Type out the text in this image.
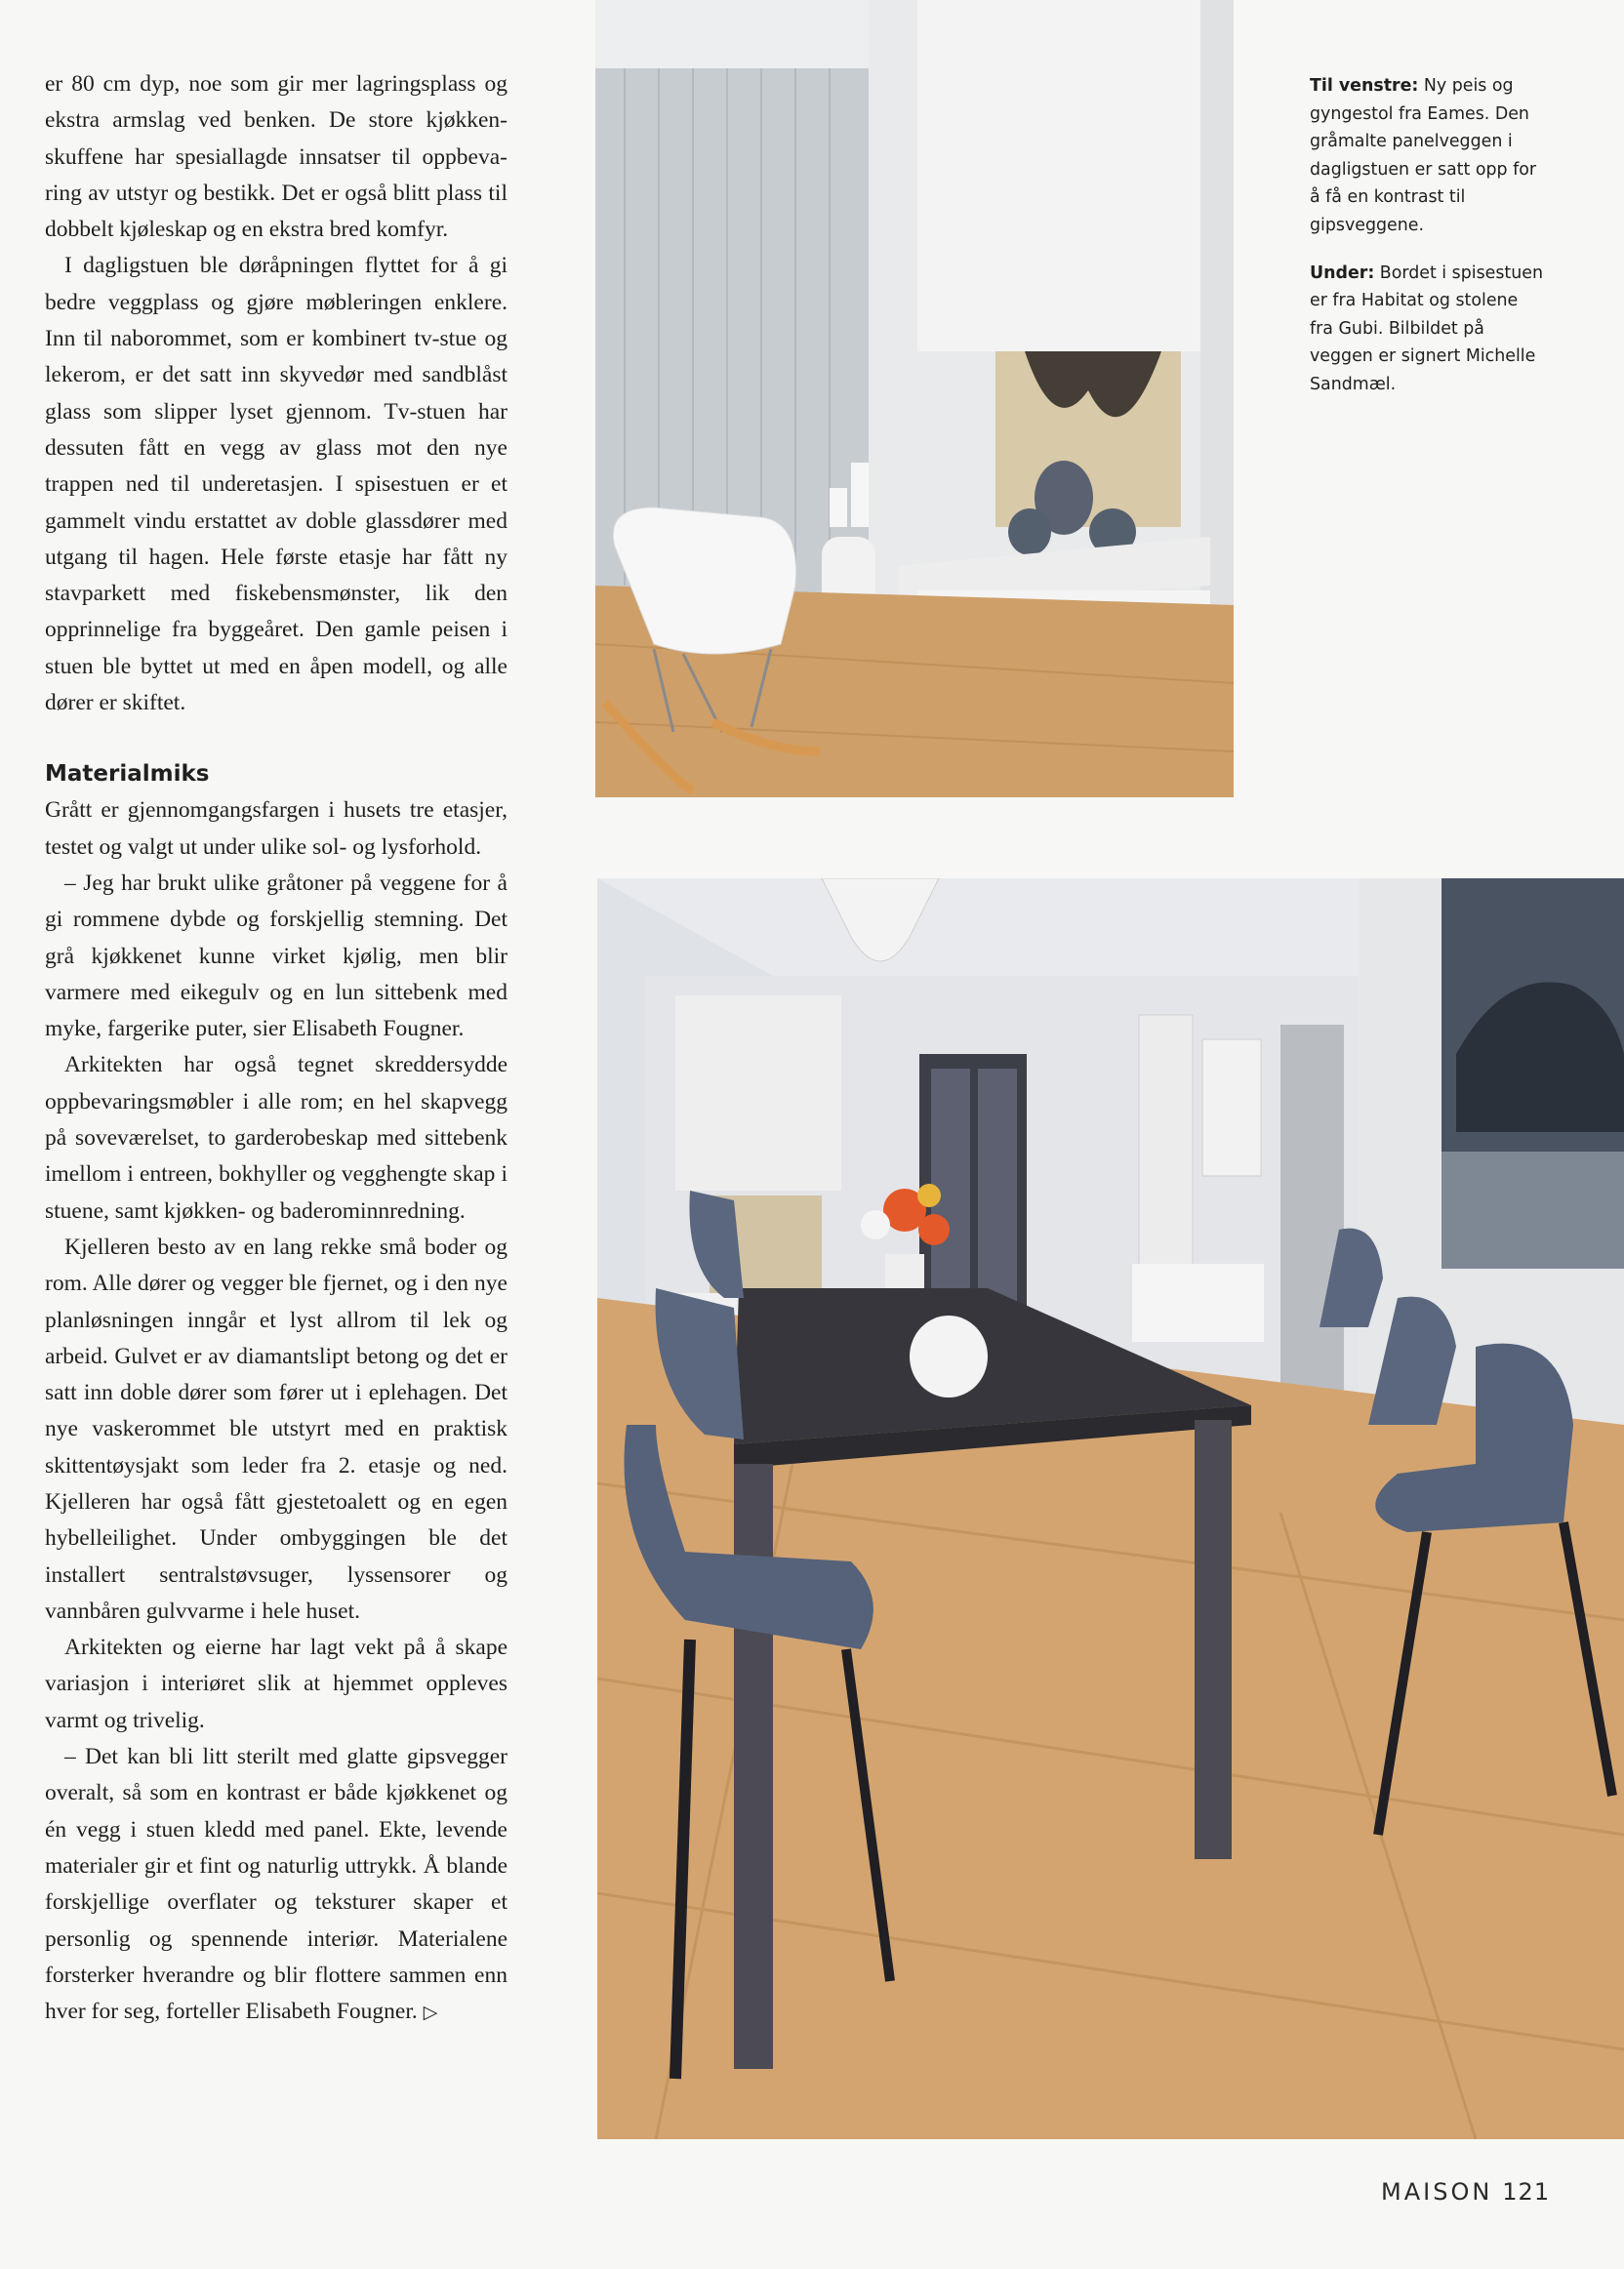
er 80 cm dyp, noe som gir mer lagringsplass og ekstra armslag ved benken. De store kjøkkenskuffene har spesiallagde innsatser til oppbevaring av utstyr og bestikk. Det er også blitt plass til dobbelt kjøleskap og en ekstra bred komfyr.

I dagligstuen ble døråpningen flyttet for å gi bedre veggplass og gjøre møbleringen enklere. Inn til naborommet, som er kombinert tv-stue og lekerom, er det satt inn skyvedør med sandblåst glass som slipper lyset gjennom. Tv-stuen har dessuten fått en vegg av glass mot den nye trappen ned til underetasjen. I spisestuen er et gammelt vindu erstattet av doble glassdører med utgang til hagen. Hele første etasje har fått ny stavparkett med fiskebensmønster, lik den opprinnelige fra byggeåret. Den gamle peisen i stuen ble byttet ut med en åpen modell, og alle dører er skiftet.

Materialmiks

Grått er gjennomgangsfargen i husets tre etasjer, testet og valgt ut under ulike sol- og lysforhold.

– Jeg har brukt ulike gråtoner på veggene for å gi rommene dybde og forskjellig stemning. Det grå kjøkkenet kunne virket kjølig, men blir varmere med eikegulv og en lun sittebenk med myke, fargerike puter, sier Elisabeth Fougner.

Arkitekten har også tegnet skreddersydde oppbevaringsmøbler i alle rom; en hel skapvegg på soveværelset, to garderobeskap med sittebenk imellom i entreen, bokhyller og vegghengte skap i stuene, samt kjøkken- og baderominnredning.

Kjelleren besto av en lang rekke små boder og rom. Alle dører og vegger ble fjernet, og i den nye planløsningen inngår et lyst allrom til lek og arbeid. Gulvet er av diamantslipt betong og det er satt inn doble dører som fører ut i eplehagen. Det nye vaskerommet ble utstyrt med en praktisk skittentøysjakt som leder fra 2. etasje og ned. Kjelleren har også fått gjestetoalett og en egen hybelleilighet. Under ombyggingen ble det installert sentralstøvsuger, lyssensorer og vannbåren gulvvarme i hele huset.

Arkitekten og eierne har lagt vekt på å skape variasjon i interiøret slik at hjemmet oppleves varmt og trivelig.

– Det kan bli litt sterilt med glatte gipsvegger overalt, så som en kontrast er både kjøkkenet og én vegg i stuen kledd med panel. Ekte, levende materialer gir et fint og naturlig uttrykk. Å blande forskjellige overflater og teksturer skaper et personlig og spennende interiør. Materialene forsterker hverandre og blir flottere sammen enn hver for seg, forteller Elisabeth Fougner. ▷

Til venstre: Ny peis og gyngestol fra Eames. Den gråmalte panelveggen i dagligstuen er satt opp for å få en kontrast til gipsveggene.

Under: Bordet i spisestuen er fra Habitat og stolene fra Gubi. Bilbildet på veggen er signert Michelle Sandmæl.

MAISON 121
